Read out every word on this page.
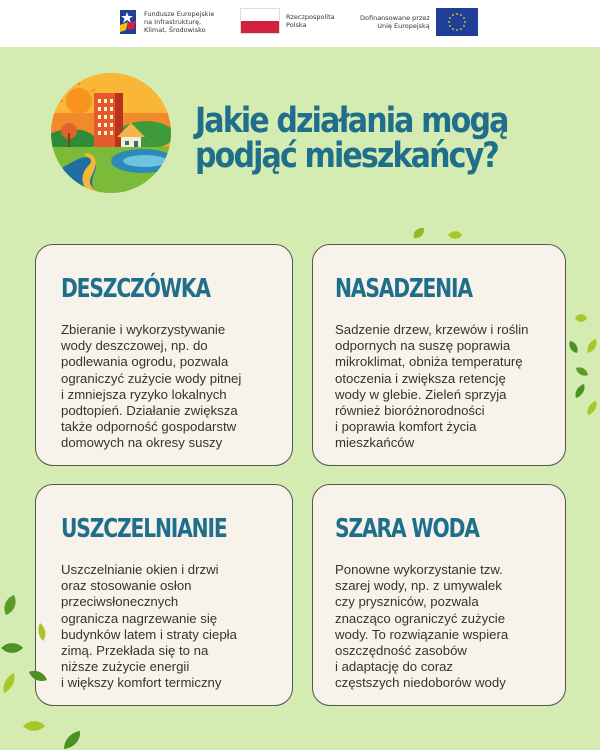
Fundusze Europejskie
na Infrastrukturę,
Klimat, Środowisko
Rzeczpospolita
Polska
Dofinansowane przez
Unię Europejską
Jakie działania mogą
podjąć mieszkańcy?
DESZCZÓWKA
Zbieranie i wykorzystywanie
wody deszczowej, np. do
podlewania ogrodu, pozwala
ograniczyć zużycie wody pitnej
i zmniejsza ryzyko lokalnych
podtopień. Działanie zwiększa
także odporność gospodarstw
domowych na okresy suszy
NASADZENIA
Sadzenie drzew, krzewów i roślin
odpornych na suszę poprawia
mikroklimat, obniża temperaturę
otoczenia i zwiększa retencję
wody w glebie. Zieleń sprzyja
również bioróżnorodności
i poprawia komfort życia
mieszkańców
USZCZELNIANIE
Uszczelnianie okien i drzwi
oraz stosowanie osłon
przeciwsłonecznych
ogranicza nagrzewanie się
budynków latem i straty ciepła
zimą. Przekłada się to na
niższe zużycie energii
i większy komfort termiczny
SZARA WODA
Ponowne wykorzystanie tzw.
szarej wody, np. z umywalek
czy pryszniców, pozwala
znacząco ograniczyć zużycie
wody. To rozwiązanie wspiera
oszczędność zasobów
i adaptację do coraz
częstszych niedoborów wody
